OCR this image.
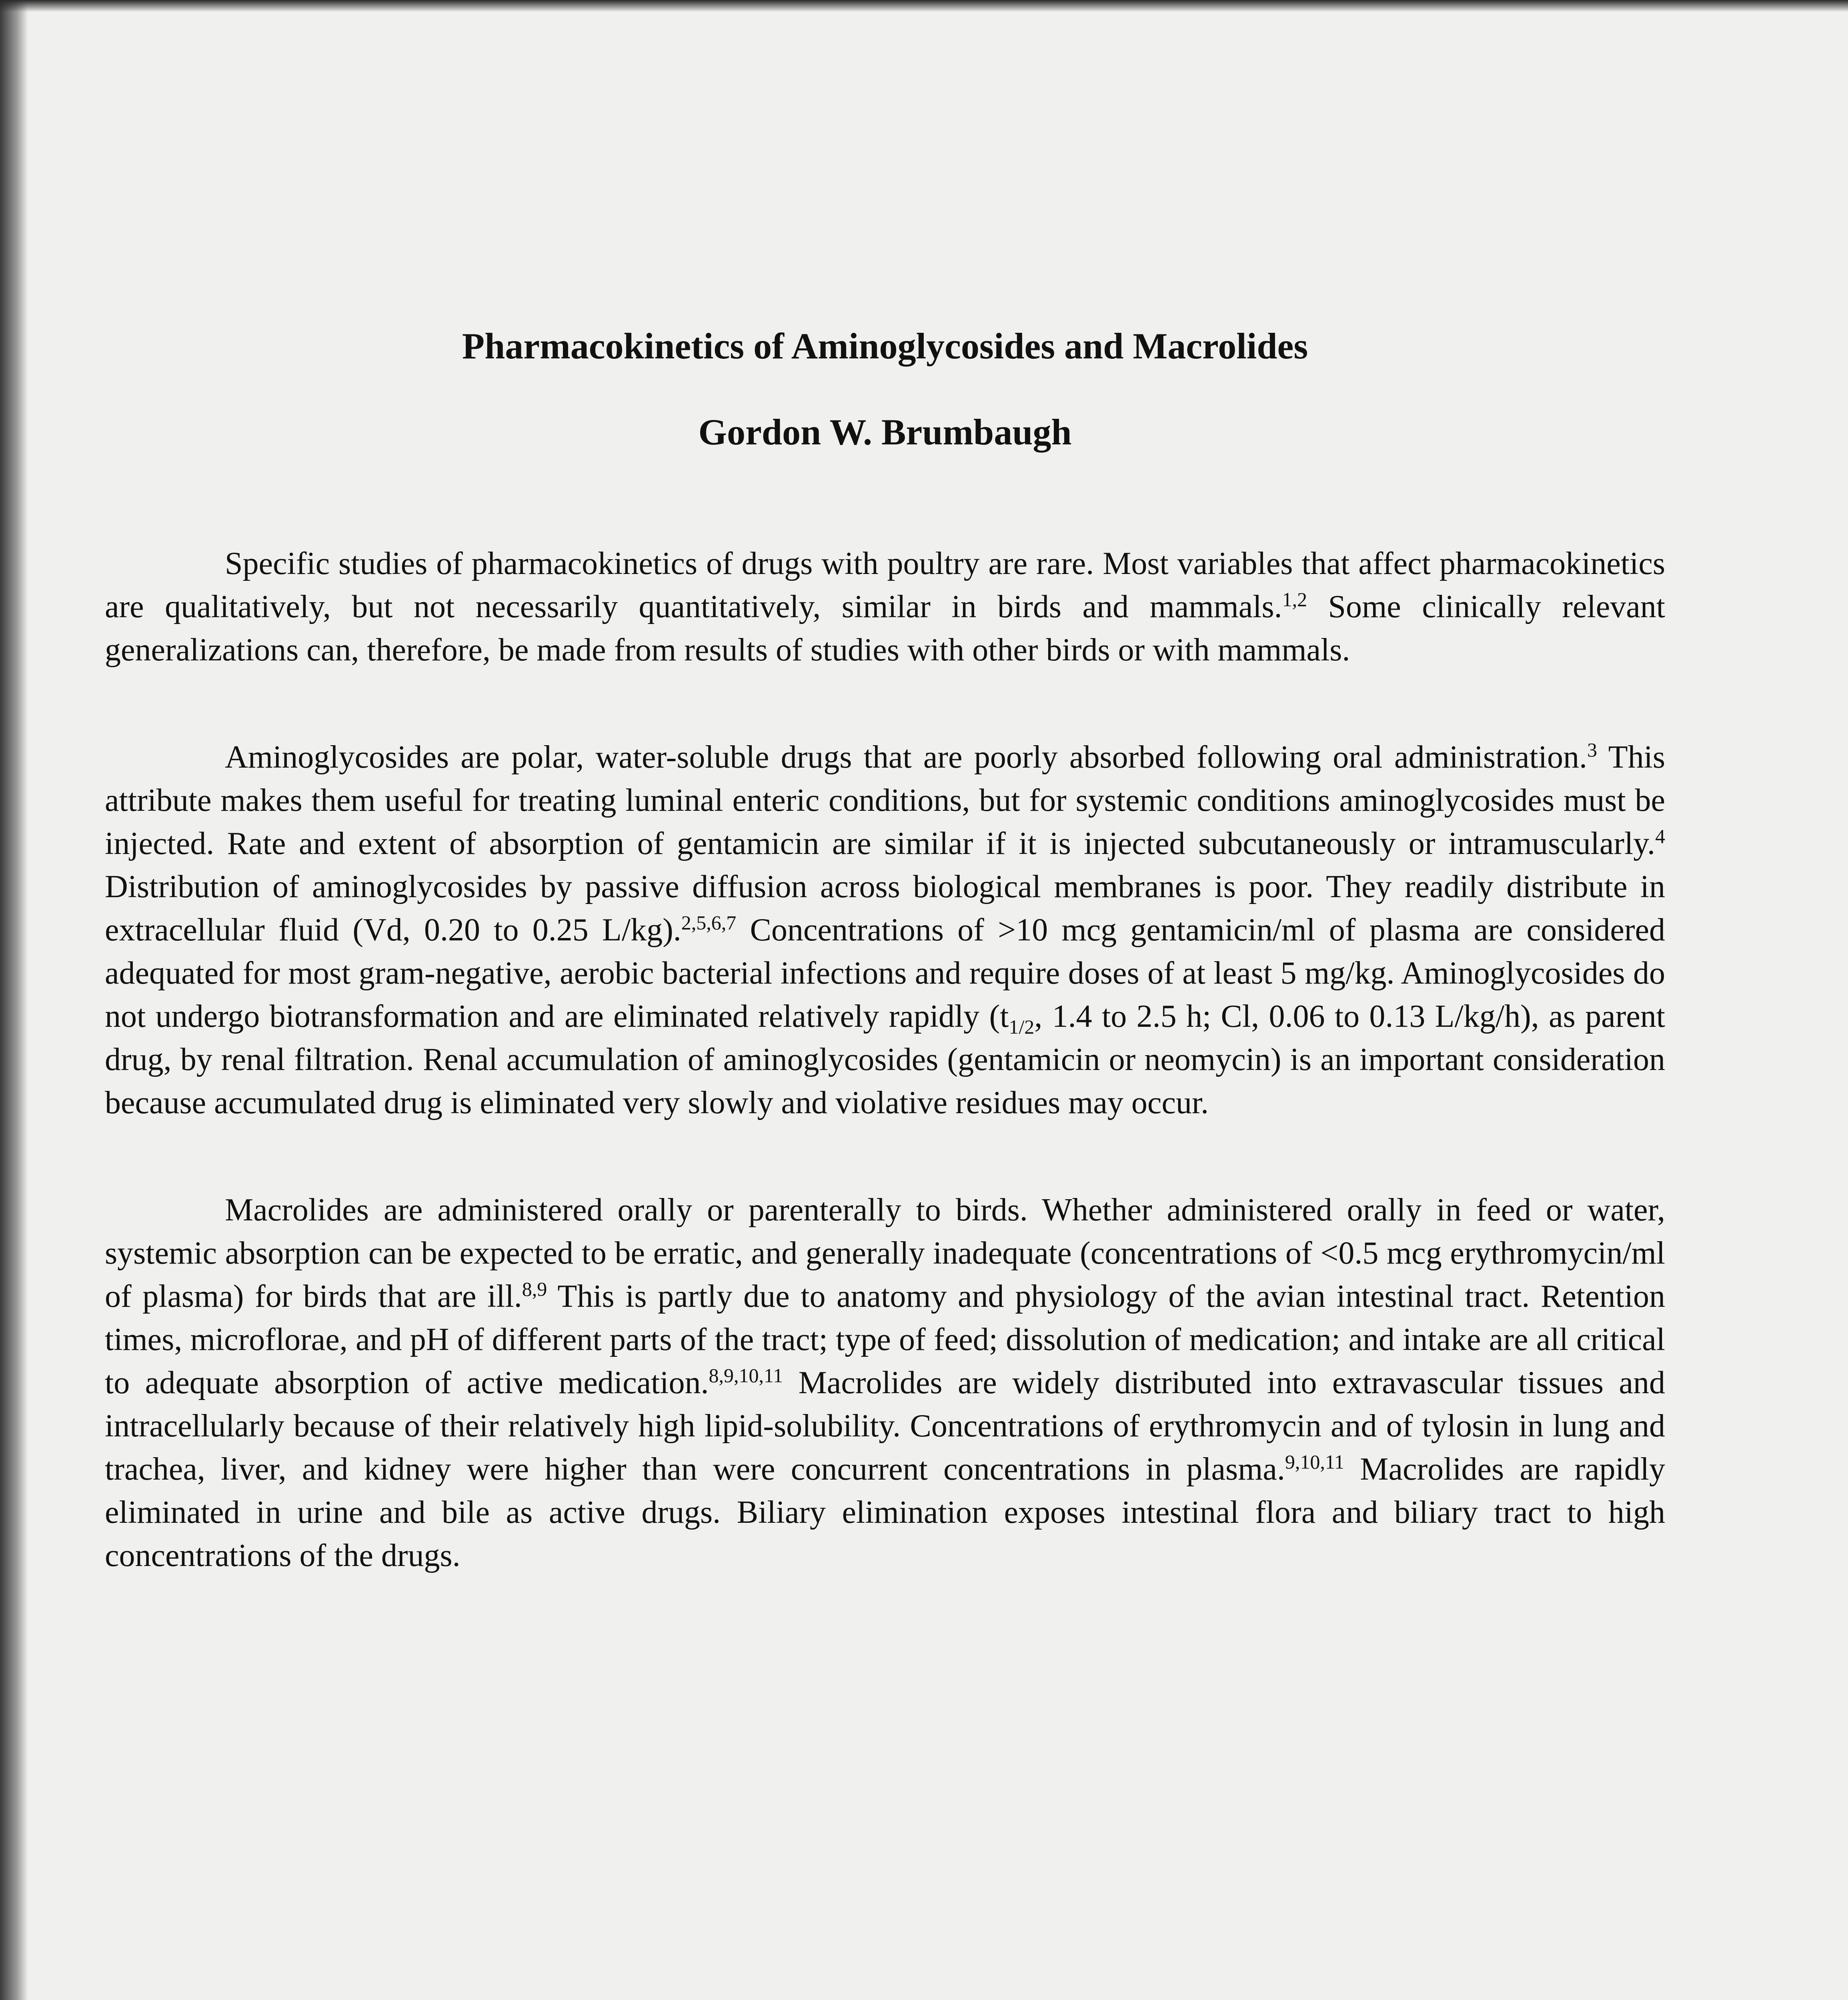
Pharmacokinetics of Aminoglycosides and Macrolides
Gordon W. Brumbaugh

Specific studies of pharmacokinetics of drugs with poultry are rare. Most variables that affect pharmacokinetics are qualitatively, but not necessarily quantitatively, similar in birds and mammals.$^{1,2}$ Some clinically relevant generalizations can, therefore, be made from results of studies with other birds or with mammals.

Aminoglycosides are polar, water-soluble drugs that are poorly absorbed following oral administration.$^3$ This attribute makes them useful for treating luminal enteric conditions, but for systemic conditions aminoglycosides must be injected. Rate and extent of absorption of gentamicin are similar if it is injected subcutaneously or intramuscularly.$^4$ Distribution of aminoglycosides by passive diffusion across biological membranes is poor. They readily distribute in extracellular fluid (Vd, 0.20 to 0.25 L/kg).$^{2,5,6,7}$ Concentrations of >10 mcg gentamicin/ml of plasma are considered adequated for most gram-negative, aerobic bacterial infections and require doses of at least 5 mg/kg. Aminoglycosides do not undergo biotransformation and are eliminated relatively rapidly ($t_{1/2}$, 1.4 to 2.5 h; Cl, 0.06 to 0.13 L/kg/h), as parent drug, by renal filtration. Renal accumulation of aminoglycosides (gentamicin or neomycin) is an important consideration because accumulated drug is eliminated very slowly and violative residues may occur.

Macrolides are administered orally or parenterally to birds. Whether administered orally in feed or water, systemic absorption can be expected to be erratic, and generally inadequate (concentrations of <0.5 mcg erythromycin/ml of plasma) for birds that are ill.$^{8,9}$ This is partly due to anatomy and physiology of the avian intestinal tract. Retention times, microflorae, and pH of different parts of the tract; type of feed; dissolution of medication; and intake are all critical to adequate absorption of active medication.$^{8,9,10,11}$ Macrolides are widely distributed into extravascular tissues and intracellularly because of their relatively high lipid-solubility. Concentrations of erythromycin and of tylosin in lung and trachea, liver, and kidney were higher than were concurrent concentrations in plasma.$^{9,10,11}$ Macrolides are rapidly eliminated in urine and bile as active drugs. Biliary elimination exposes intestinal flora and biliary tract to high concentrations of the drugs.
